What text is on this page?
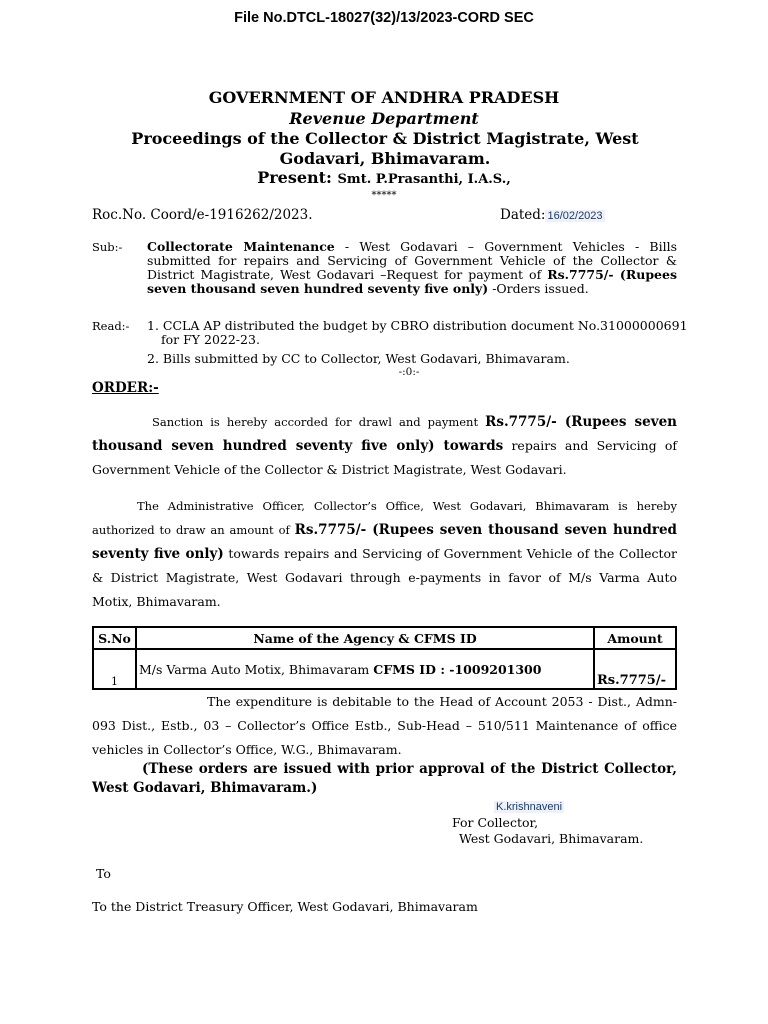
File No.DTCL-18027(32)/13/2023-CORD SEC
GOVERNMENT OF ANDHRA PRADESH
Revenue Department
Proceedings of the Collector & District Magistrate, West Godavari, Bhimavaram.
Present: Smt. P.Prasanthi, I.A.S.,
*****
Roc.No. Coord/e-1916262/2023.	Dated: 16/02/2023
Sub:- Collectorate Maintenance - West Godavari – Government Vehicles - Bills submitted for repairs and Servicing of Government Vehicle of the Collector & District Magistrate, West Godavari –Request for payment of Rs.7775/- (Rupees seven thousand seven hundred seventy five only) -Orders issued.

Read:- 1. CCLA AP distributed the budget by CBRO distribution document No.31000000691 for FY 2022-23.

2. Bills submitted by CC to Collector, West Godavari, Bhimavaram.
-:0:-
ORDER:-

Sanction is hereby accorded for drawl and payment Rs.7775/- (Rupees seven thousand seven hundred seventy five only) towards repairs and Servicing of Government Vehicle of the Collector & District Magistrate, West Godavari.

The Administrative Officer, Collector’s Office, West Godavari, Bhimavaram is hereby authorized to draw an amount of Rs.7775/- (Rupees seven thousand seven hundred seventy five only) towards repairs and Servicing of Government Vehicle of the Collector & District Magistrate, West Godavari through e-payments in favor of M/s Varma Auto Motix, Bhimavaram.

S.No	Name of the Agency & CFMS ID	Amount
1	M/s Varma Auto Motix, Bhimavaram CFMS ID : -1009201300	Rs.7775/-

The expenditure is debitable to the Head of Account 2053 - Dist., Admn-093 Dist., Estb., 03 – Collector’s Office Estb., Sub-Head – 510/511 Maintenance of office vehicles in Collector’s Office, W.G., Bhimavaram.

(These orders are issued with prior approval of the District Collector, West Godavari, Bhimavaram.)

K.krishnaveni
For Collector,
West Godavari, Bhimavaram.
To
To the District Treasury Officer, West Godavari, Bhimavaram
